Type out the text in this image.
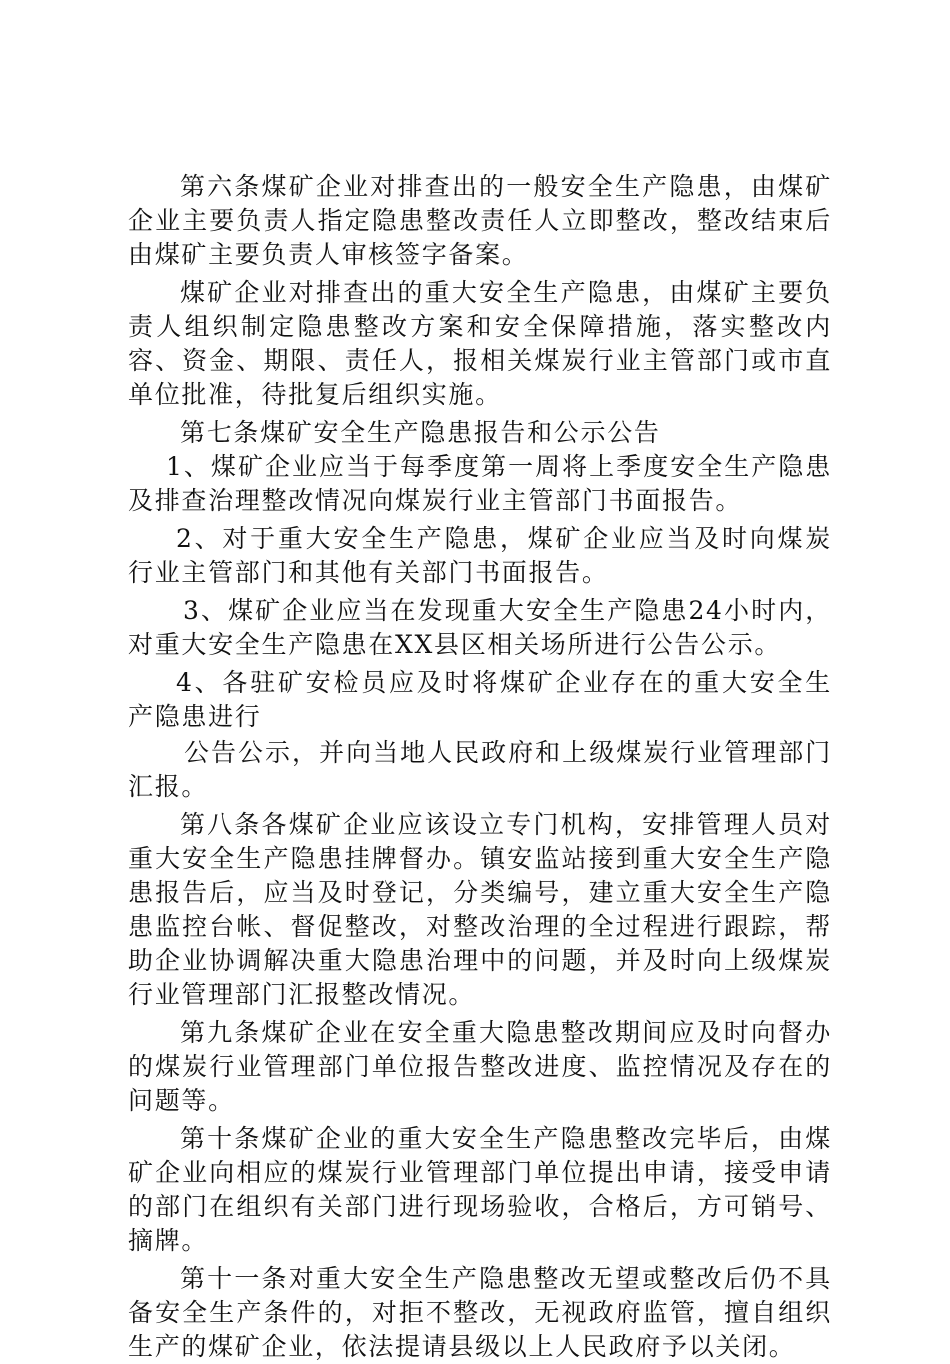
第六条煤矿企业对排查出的一般安全生产隐患，由煤矿企业主要负责人指定隐患整改责任人立即整改，整改结束后由煤矿主要负责人审核签字备案。

煤矿企业对排查出的重大安全生产隐患，由煤矿主要负责人组织制定隐患整改方案和安全保障措施，落实整改内容、资金、期限、责任人，报相关煤炭行业主管部门或市直单位批准，待批复后组织实施。

第七条煤矿安全生产隐患报告和公示公告

1、煤矿企业应当于每季度第一周将上季度安全生产隐患及排查治理整改情况向煤炭行业主管部门书面报告。

2、对于重大安全生产隐患，煤矿企业应当及时向煤炭行业主管部门和其他有关部门书面报告。

3、煤矿企业应当在发现重大安全生产隐患24小时内，对重大安全生产隐患在XX县区相关场所进行公告公示。

4、各驻矿安检员应及时将煤矿企业存在的重大安全生产隐患进行

公告公示，并向当地人民政府和上级煤炭行业管理部门汇报。

第八条各煤矿企业应该设立专门机构，安排管理人员对重大安全生产隐患挂牌督办。镇安监站接到重大安全生产隐患报告后，应当及时登记，分类编号，建立重大安全生产隐患监控台帐、督促整改，对整改治理的全过程进行跟踪，帮助企业协调解决重大隐患治理中的问题，并及时向上级煤炭行业管理部门汇报整改情况。

第九条煤矿企业在安全重大隐患整改期间应及时向督办的煤炭行业管理部门单位报告整改进度、监控情况及存在的问题等。

第十条煤矿企业的重大安全生产隐患整改完毕后，由煤矿企业向相应的煤炭行业管理部门单位提出申请，接受申请的部门在组织有关部门进行现场验收，合格后，方可销号、摘牌。

第十一条对重大安全生产隐患整改无望或整改后仍不具备安全生产条件的，对拒不整改，无视政府监管，擅自组织生产的煤矿企业，依法提请县级以上人民政府予以关闭。
